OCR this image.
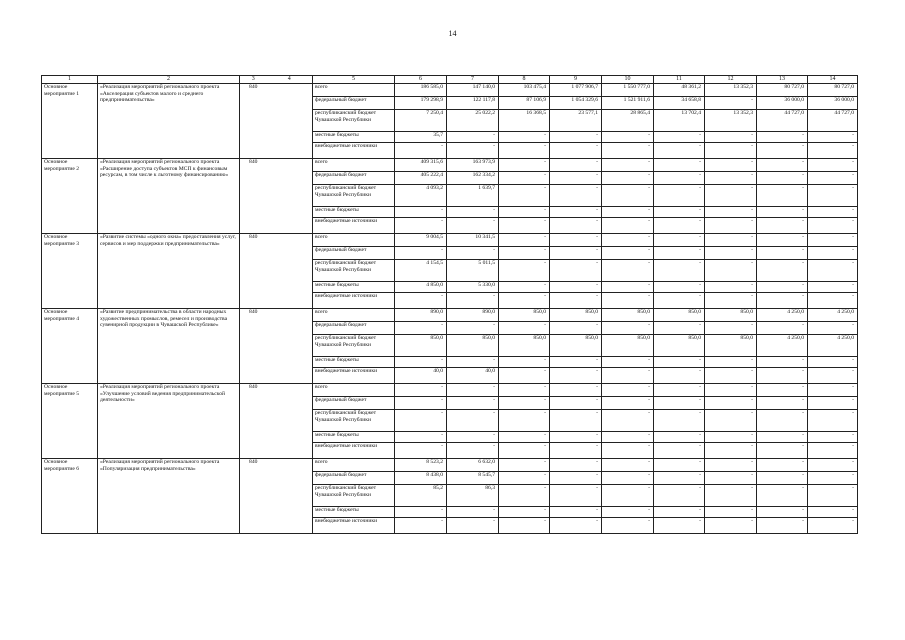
14
1	2	3	4	5	6	7	8	9	10	11	12	13	14
Основное мероприятие 1	«Реализация мероприятий регионального проекта «Акселерация субъектов малого и среднего предпринимательства»	840		всего	186 585,0	147 140,0	103 475,4	1 077 906,7	1 550 777,0	48 361,2	13 352,3	80 727,0	80 727,0
				федеральный бюджет	179 298,9	122 117,8	87 106,9	1 054 329,6	1 521 911,6	34 658,8	-	36 000,0	36 000,0
				республиканский бюджет Чувашской Республики	7 250,4	25 022,2	16 368,5	23 577,1	28 865,4	13 702,4	13 352,3	44 727,0	44 727,0
				местные бюджеты	35,7	-	-	-	-	-	-	-	-
				внебюджетные источники	-	-	-	-	-	-	-	-	-
Основное мероприятие 2	«Реализация мероприятий регионального проекта «Расширение доступа субъектов МСП к финансовым ресурсам, в том числе к льготному финансированию»	840		всего	409 315,6	163 973,9	-	-	-	-	-	-	-
				федеральный бюджет	405 222,4	162 334,2	-	-	-	-	-	-	-
				республиканский бюджет Чувашской Республики	4 093,2	1 639,7	-	-	-	-	-	-	-
				местные бюджеты	-	-	-	-	-	-	-	-	-
				внебюджетные источники	-	-	-	-	-	-	-	-	-
Основное мероприятие 3	«Развитие системы «одного окна» предоставления услуг, сервисов и мер поддержки предпринимательства»	840		всего	9 004,5	10 341,5	-	-	-	-	-	-	-
				федеральный бюджет	-	-	-	-	-	-	-	-	-
				республиканский бюджет Чувашской Республики	4 154,5	5 011,5	-	-	-	-	-	-	-
				местные бюджеты	4 850,0	5 330,0	-	-	-	-	-	-	-
				внебюджетные источники	-	-	-	-	-	-	-	-	-
Основное мероприятие 4	«Развитие предпринимательства в области народных художественных промыслов, ремесел и производства сувенирной продукции в Чувашской Республике»	840		всего	890,0	890,0	850,0	850,0	850,0	850,0	850,0	4 250,0	4 250,0
				федеральный бюджет	-	-	-	-	-	-	-	-	-
				республиканский бюджет Чувашской Республики	850,0	850,0	850,0	850,0	850,0	850,0	850,0	4 250,0	4 250,0
				местные бюджеты	-	-	-	-	-	-	-	-	-
				внебюджетные источники	40,0	40,0	-	-	-	-	-	-	-
Основное мероприятие 5	«Реализация мероприятий регионального проекта «Улучшение условий ведения предпринимательской деятельности»	840		всего	-	-	-	-	-	-	-	-	-
				федеральный бюджет	-	-	-	-	-	-	-	-	-
				республиканский бюджет Чувашской Республики	-	-	-	-	-	-	-	-	-
				местные бюджеты	-	-	-	-	-	-	-	-	-
				внебюджетные источники	-	-	-	-	-	-	-	-	-
Основное мероприятие 6	«Реализация мероприятий регионального проекта «Популяризация предпринимательства»	840		всего	8 523,2	6 632,0	-	-	-	-	-	-	-
				федеральный бюджет	8 438,0	8 545,7	-	-	-	-	-	-	-
				республиканский бюджет Чувашской Республики	85,2	86,3	-	-	-	-	-	-	-
				местные бюджеты	-	-	-	-	-	-	-	-	-
				внебюджетные источники	-	-	-	-	-	-	-	-	-
